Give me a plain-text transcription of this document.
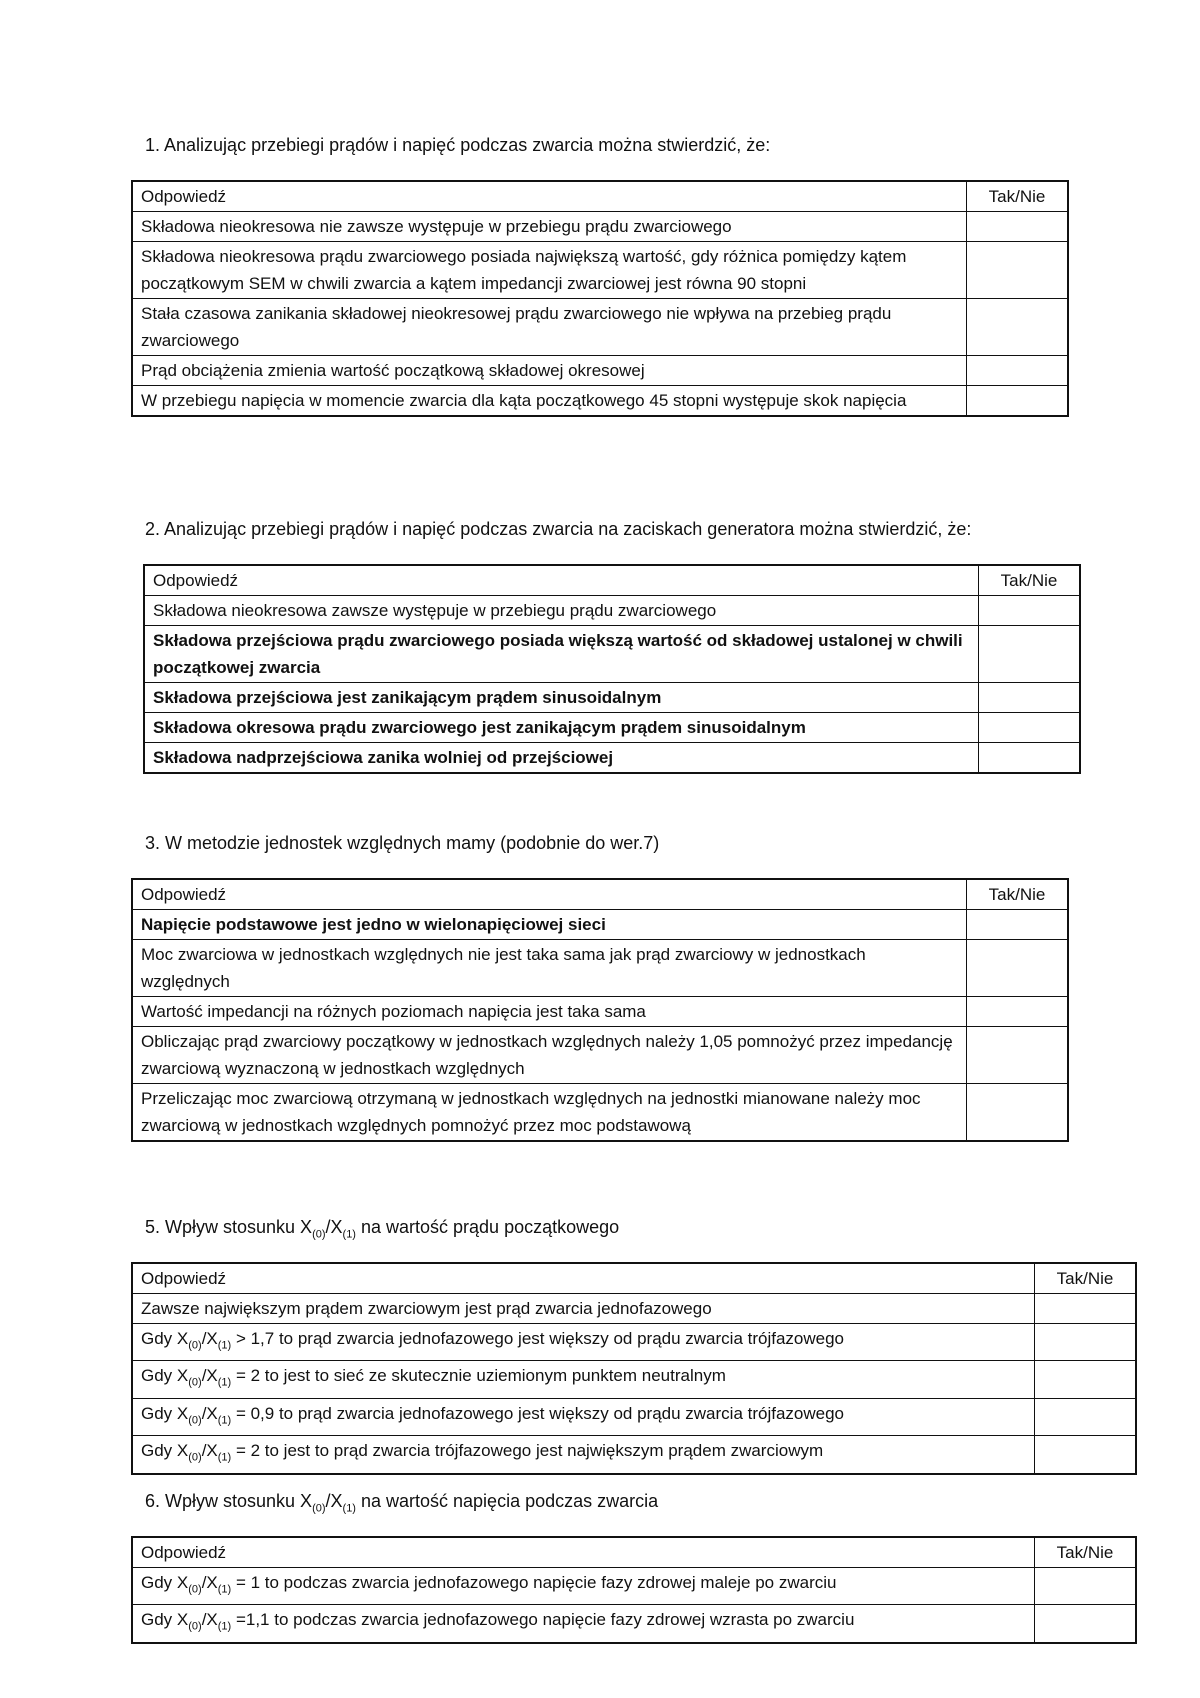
1. Analizując przebiegi prądów i napięć podczas zwarcia można stwierdzić, że:
Odpowiedź	Tak/Nie
Składowa nieokresowa nie zawsze występuje w przebiegu prądu zwarciowego	
Składowa nieokresowa prądu zwarciowego posiada największą wartość, gdy różnica pomiędzy kątem początkowym SEM w chwili zwarcia a kątem impedancji zwarciowej jest równa 90 stopni	
Stała czasowa zanikania składowej nieokresowej prądu zwarciowego nie wpływa na przebieg prądu zwarciowego	
Prąd obciążenia zmienia wartość początkową składowej okresowej	
W przebiegu napięcia w momencie zwarcia dla kąta początkowego 45 stopni występuje skok napięcia	
2. Analizując przebiegi prądów i napięć podczas zwarcia na zaciskach generatora można stwierdzić, że:
Odpowiedź	Tak/Nie
Składowa nieokresowa zawsze występuje w przebiegu prądu zwarciowego	
Składowa przejściowa prądu zwarciowego posiada większą wartość od składowej ustalonej w chwili początkowej zwarcia	
Składowa przejściowa jest zanikającym prądem sinusoidalnym	
Składowa okresowa prądu zwarciowego jest zanikającym prądem sinusoidalnym	
Składowa nadprzejściowa zanika wolniej od przejściowej	
3. W metodzie jednostek względnych mamy (podobnie do wer.7)
Odpowiedź	Tak/Nie
Napięcie podstawowe jest jedno w wielonapięciowej sieci	
Moc zwarciowa w jednostkach względnych nie jest taka sama jak prąd zwarciowy w jednostkach względnych	
Wartość impedancji na różnych poziomach napięcia jest taka sama	
Obliczając prąd zwarciowy początkowy w jednostkach względnych należy 1,05 pomnożyć przez impedancję zwarciową wyznaczoną w jednostkach względnych	
Przeliczając moc zwarciową otrzymaną w jednostkach względnych na jednostki mianowane należy moc zwarciową w jednostkach względnych pomnożyć przez moc podstawową	
5. Wpływ stosunku $X_{(0)}/X_{(1)}$ na wartość prądu początkowego
Odpowiedź	Tak/Nie
Zawsze największym prądem zwarciowym jest prąd zwarcia jednofazowego	
Gdy $X_{(0)}/X_{(1)} > 1,7$ to prąd zwarcia jednofazowego jest większy od prądu zwarcia trójfazowego	
Gdy $X_{(0)}/X_{(1)} = 2$ to jest to sieć ze skutecznie uziemionym punktem neutralnym	
Gdy $X_{(0)}/X_{(1)} = 0,9$ to prąd zwarcia jednofazowego jest większy od prądu zwarcia trójfazowego	
Gdy $X_{(0)}/X_{(1)} = 2$ to jest to prąd zwarcia trójfazowego jest największym prądem zwarciowym	
6. Wpływ stosunku $X_{(0)}/X_{(1)}$ na wartość napięcia podczas zwarcia
Odpowiedź	Tak/Nie
Gdy $X_{(0)}/X_{(1)} = 1$ to podczas zwarcia jednofazowego napięcie fazy zdrowej maleje po zwarciu	
Gdy $X_{(0)}/X_{(1)} =1,1$ to podczas zwarcia jednofazowego napięcie fazy zdrowej wzrasta po zwarciu	
